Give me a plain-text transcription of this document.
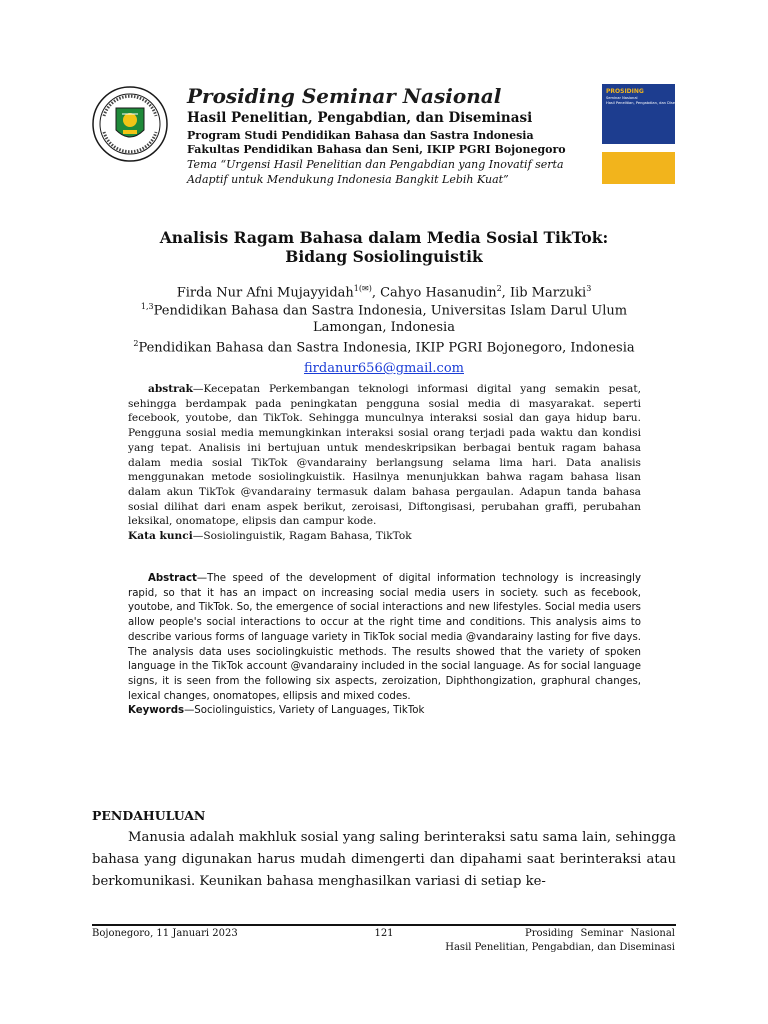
Prosiding Seminar Nasional
Hasil Penelitian, Pengabdian, dan Diseminasi
Program Studi Pendidikan Bahasa dan Sastra Indonesia
Fakultas Pendidikan Bahasa dan Seni, IKIP PGRI Bojonegoro
Tema “Urgensi Hasil Penelitian dan Pengabdian yang Inovatif serta Adaptif untuk Mendukung Indonesia Bangkit Lebih Kuat”
PROSIDING
Seminar Nasional
Hasil Penelitian, Pengabdian, dan Diseminasi
Analisis Ragam Bahasa dalam Media Sosial TikTok:
Bidang Sosiolinguistik
Firda Nur Afni Mujayyidah$^{1(✉)}$, Cahyo Hasanudin$^2$, Iib Marzuki$^3$
$^{1,3}$Pendidikan Bahasa dan Sastra Indonesia, Universitas Islam Darul Ulum
Lamongan, Indonesia
$^2$Pendidikan Bahasa dan Sastra Indonesia, IKIP PGRI Bojonegoro, Indonesia
firdanur656@gmail.com

abstrak—Kecepatan Perkembangan teknologi informasi digital yang semakin pesat, sehingga berdampak pada peningkatan pengguna sosial media di masyarakat. seperti fecebook, youtobe, dan TikTok. Sehingga munculnya interaksi sosial dan gaya hidup baru. Pengguna sosial media memungkinkan interaksi sosial orang terjadi pada waktu dan kondisi yang tepat. Analisis ini bertujuan untuk mendeskripsikan berbagai bentuk ragam bahasa dalam media sosial TikTok @vandarainy berlangsung selama lima hari. Data analisis menggunakan metode sosiolingkuistik. Hasilnya menunjukkan bahwa ragam bahasa lisan dalam akun TikTok @vandarainy termasuk dalam bahasa pergaulan. Adapun tanda bahasa sosial dilihat dari enam aspek berikut, zeroisasi, Diftongisasi, perubahan graffi, perubahan leksikal, onomatope, elipsis dan campur kode.

Kata kunci—Sosiolinguistik, Ragam Bahasa, TikTok

Abstract—The speed of the development of digital information technology is increasingly rapid, so that it has an impact on increasing social media users in society. such as fecebook, youtobe, and TikTok. So, the emergence of social interactions and new lifestyles. Social media users allow people's social interactions to occur at the right time and conditions. This analysis aims to describe various forms of language variety in TikTok social media @vandarainy lasting for five days. The analysis data uses sociolingkuistic methods. The results showed that the variety of spoken language in the TikTok account @vandarainy included in the social language. As for social language signs, it is seen from the following six aspects, zeroization, Diphthongization, graphural changes, lexical changes, onomatopes, ellipsis and mixed codes.

Keywords—Sociolinguistics, Variety of Languages, TikTok

PENDAHULUAN

Manusia adalah makhluk sosial yang saling berinteraksi satu sama lain, sehingga bahasa yang digunakan harus mudah dimengerti dan dipahami saat berinteraksi atau berkomunikasi. Keunikan bahasa menghasilkan variasi di setiap ke-

Bojonegoro, 11 Januari 2023	121	Prosiding Seminar Nasional
Hasil Penelitian, Pengabdian, dan Diseminasi
